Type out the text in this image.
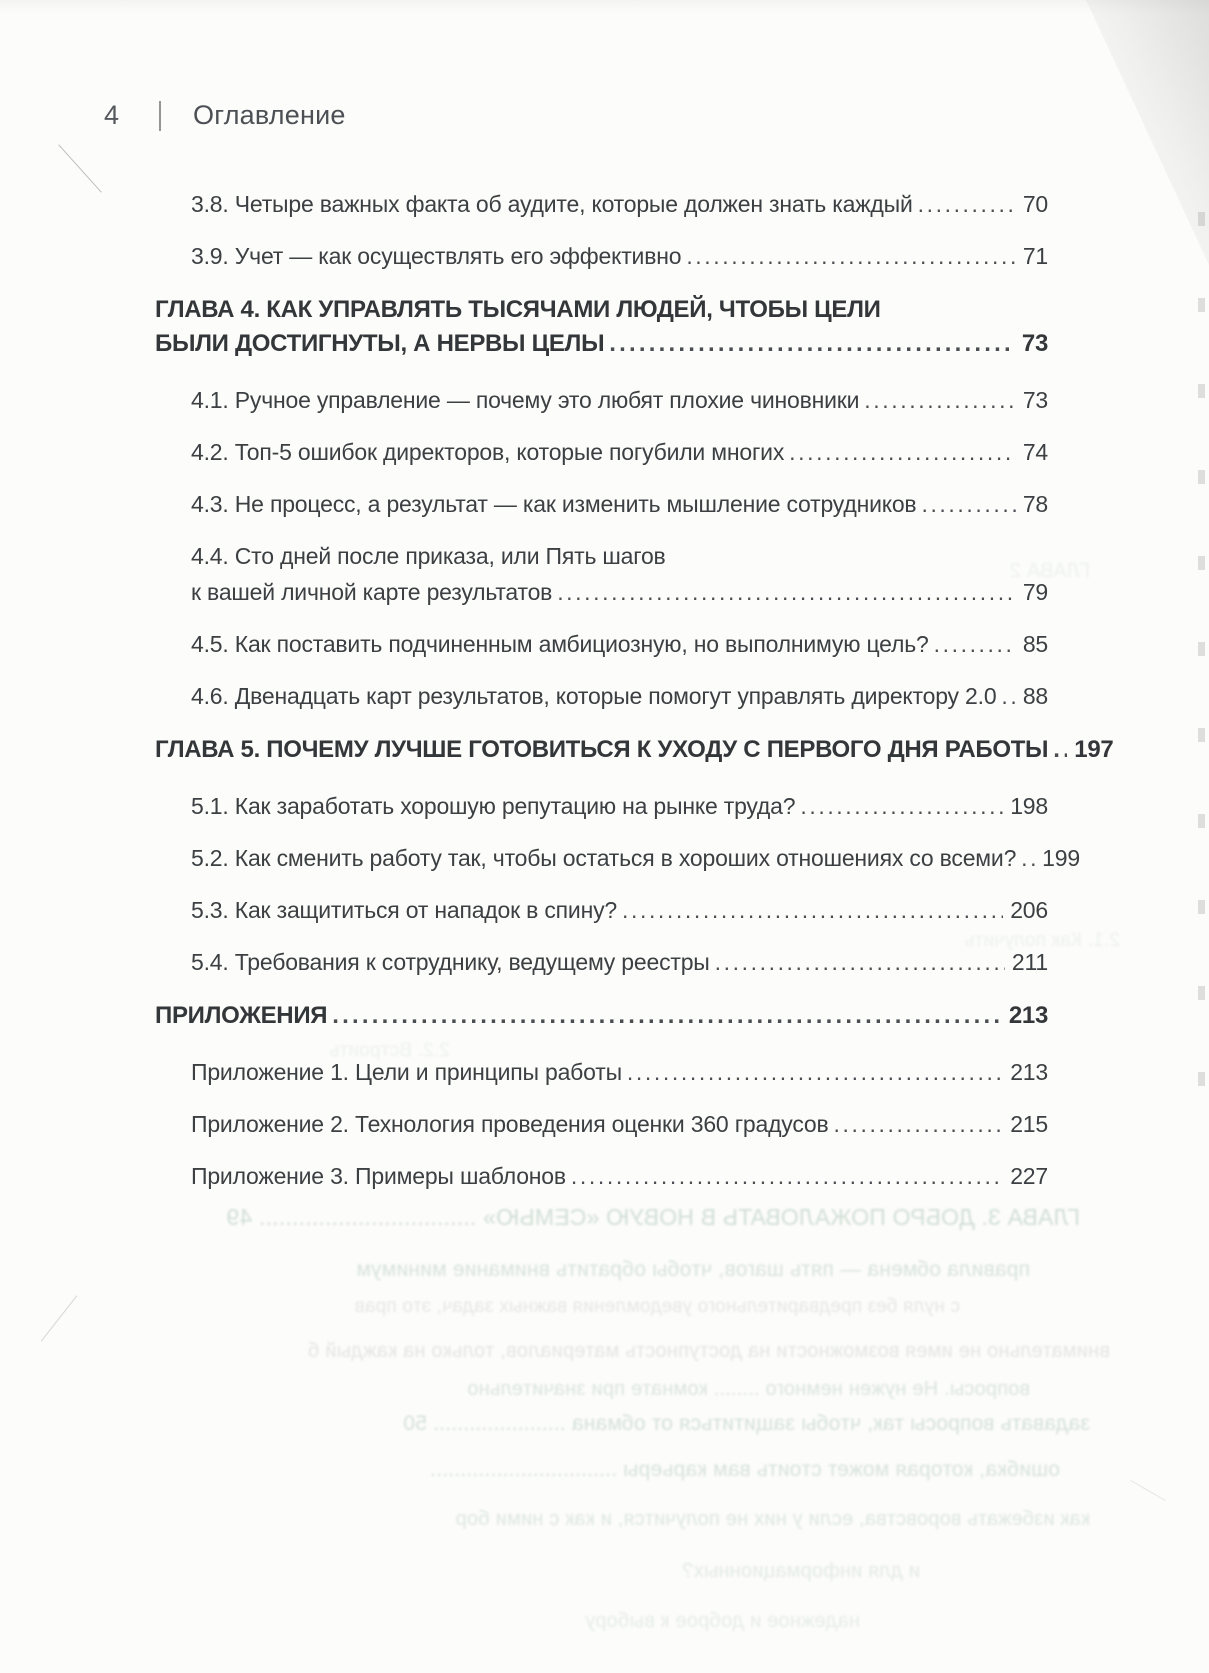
ГЛАВА 3. ДОБРО ПОЖАЛОВАТЬ В НОВУЮ «СЕМЬЮ» ................................. 49
правила обмена — пять шагов, чтобы обратить внимание минимум
с нуля без предварительного уведомления важных задач, это прав
внимательно не имея возможности на доступность материалов, только на каждый б
вопросы. Не нужен немного ........ комнате при значительно
задавать вопросы так, чтобы защититься от обмана ...................... 50
ошибка, которая может стоить вам карьеры ...............................
как избежать воровства, если у них не получится, и как с ними бор
и для информационных?
надежное и доброе к выбору
ГЛАВА 2
2.1. Как получить
2.2. Встроить
4	Оглавление
3.8. Четыре важных факта об аудите, которые должен знать каждый .....	70
3.9. Учет — как осуществлять его эффективно .....	71
ГЛАВА 4. КАК УПРАВЛЯТЬ ТЫСЯЧАМИ ЛЮДЕЙ, ЧТОБЫ ЦЕЛИ
БЫЛИ ДОСТИГНУТЫ, А НЕРВЫ ЦЕЛЫ .....	73
4.1. Ручное управление — почему это любят плохие чиновники .....	73
4.2. Топ-5 ошибок директоров, которые погубили многих .....	74
4.3. Не процесс, а результат — как изменить мышление сотрудников .....	78
4.4. Сто дней после приказа, или Пять шагов
к вашей личной карте результатов .....	79
4.5. Как поставить подчиненным амбициозную, но выполнимую цель? .....	85
4.6. Двенадцать карт результатов, которые помогут управлять директору 2.0 ..... 88
ГЛАВА 5. ПОЧЕМУ ЛУЧШЕ ГОТОВИТЬСЯ К УХОДУ С ПЕРВОГО ДНЯ РАБОТЫ ..... 197
5.1. Как заработать хорошую репутацию на рынке труда? .....	198
5.2. Как сменить работу так, чтобы остаться в хороших отношениях со всеми? ..... 199
5.3. Как защититься от нападок в спину? .....	206
5.4. Требования к сотруднику, ведущему реестры .....	211
ПРИЛОЖЕНИЯ .....	213
Приложение 1. Цели и принципы работы .....	213
Приложение 2. Технология проведения оценки 360 градусов .....	215
Приложение 3. Примеры шаблонов .....	227
